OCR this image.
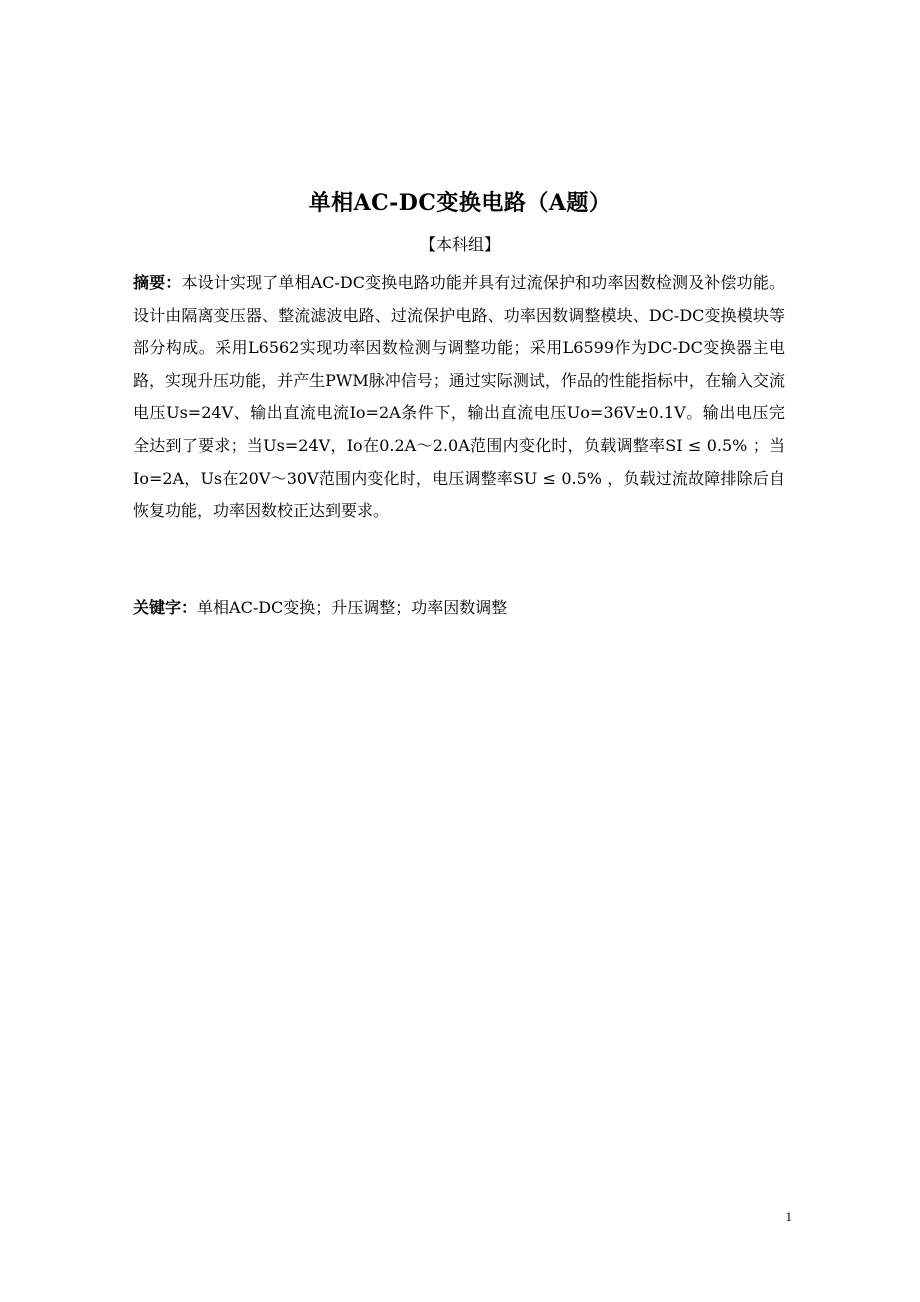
单相AC-DC变换电路（A题）
【本科组】

摘要：本设计实现了单相AC-DC变换电路功能并具有过流保护和功率因数检测及补偿功能。设计由隔离变压器、整流滤波电路、过流保护电路、功率因数调整模块、DC-DC变换模块等部分构成。采用L6562实现功率因数检测与调整功能；采用L6599作为DC-DC变换器主电路，实现升压功能，并产生PWM脉冲信号；通过实际测试，作品的性能指标中，在输入交流电压Us=24V、输出直流电流Io=2A条件下，输出直流电压Uo=36V±0.1V。输出电压完全达到了要求；当Us=24V，Io在0.2A～2.0A范围内变化时，负载调整率SI ≤ 0.5% ；当Io=2A，Us在20V～30V范围内变化时，电压调整率SU ≤ 0.5% ，负载过流故障排除后自恢复功能，功率因数校正达到要求。

关键字：单相AC-DC变换；升压调整；功率因数调整

1
